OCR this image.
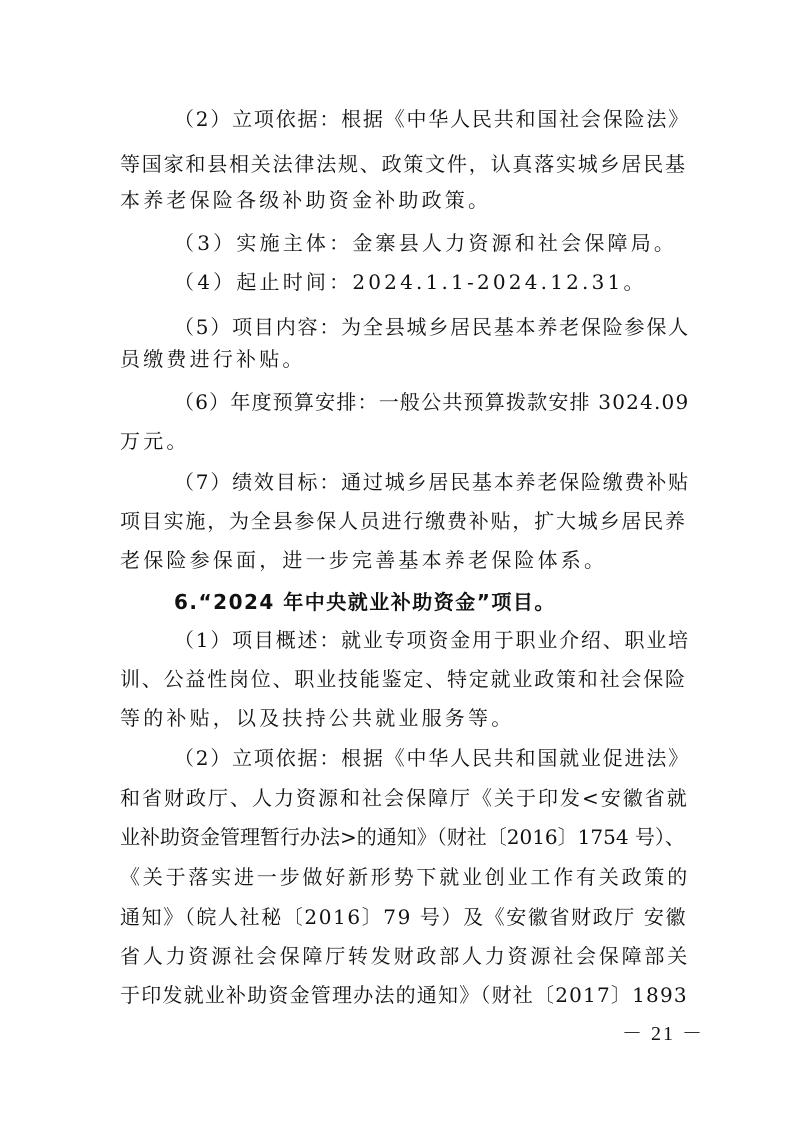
（2）立项依据：根据《中华人民共和国社会保险法》
等国家和县相关法律法规、政策文件，认真落实城乡居民基
本养老保险各级补助资金补助政策。
（3）实施主体：金寨县人力资源和社会保障局。
（4）起止时间：2024.1.1-2024.12.31。
（5）项目内容：为全县城乡居民基本养老保险参保人
员缴费进行补贴。
（6）年度预算安排：一般公共预算拨款安排 3024.09
万元。
（7）绩效目标：通过城乡居民基本养老保险缴费补贴
项目实施，为全县参保人员进行缴费补贴，扩大城乡居民养
老保险参保面，进一步完善基本养老保险体系。
6.“2024 年中央就业补助资金”项目。
（1）项目概述：就业专项资金用于职业介绍、职业培
训、公益性岗位、职业技能鉴定、特定就业政策和社会保险
等的补贴，以及扶持公共就业服务等。
（2）立项依据：根据《中华人民共和国就业促进法》
和省财政厅、人力资源和社会保障厅《关于印发<安徽省就
业补助资金管理暂行办法>的通知》（财社〔2016〕1754 号）、
《关于落实进一步做好新形势下就业创业工作有关政策的
通知》（皖人社秘〔2016〕79 号）及《安徽省财政厅 安徽
省人力资源社会保障厅转发财政部人力资源社会保障部关
于印发就业补助资金管理办法的通知》（财社〔2017〕1893
－ 21 －
